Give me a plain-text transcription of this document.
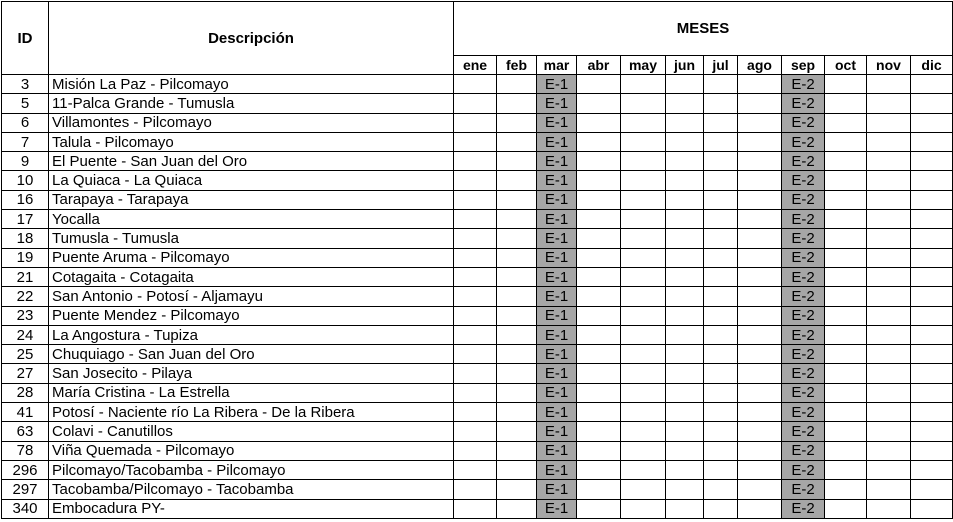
ID	Descripción	MESES											
		ene	feb	mar	abr	may	jun	jul	ago	sep	oct	nov	dic
3	Misión La Paz - Pilcomayo			E-1						E-2			
5	11-Palca Grande - Tumusla			E-1						E-2			
6	Villamontes - Pilcomayo			E-1						E-2			
7	Talula - Pilcomayo			E-1						E-2			
9	El Puente - San Juan del Oro			E-1						E-2			
10	La Quiaca - La Quiaca			E-1						E-2			
16	Tarapaya - Tarapaya			E-1						E-2			
17	Yocalla			E-1						E-2			
18	Tumusla - Tumusla			E-1						E-2			
19	Puente Aruma - Pilcomayo			E-1						E-2			
21	Cotagaita - Cotagaita			E-1						E-2			
22	San Antonio - Potosí - Aljamayu			E-1						E-2			
23	Puente Mendez - Pilcomayo			E-1						E-2			
24	La Angostura - Tupiza			E-1						E-2			
25	Chuquiago - San Juan del Oro			E-1						E-2			
27	San Josecito - Pilaya			E-1						E-2			
28	María Cristina - La Estrella			E-1						E-2			
41	Potosí - Naciente río La Ribera - De la Ribera			E-1						E-2			
63	Colavi - Canutillos			E-1						E-2			
78	Viña Quemada - Pilcomayo			E-1						E-2			
296	Pilcomayo/Tacobamba - Pilcomayo			E-1						E-2			
297	Tacobamba/Pilcomayo - Tacobamba			E-1						E-2			
340	Embocadura PY-			E-1						E-2			
